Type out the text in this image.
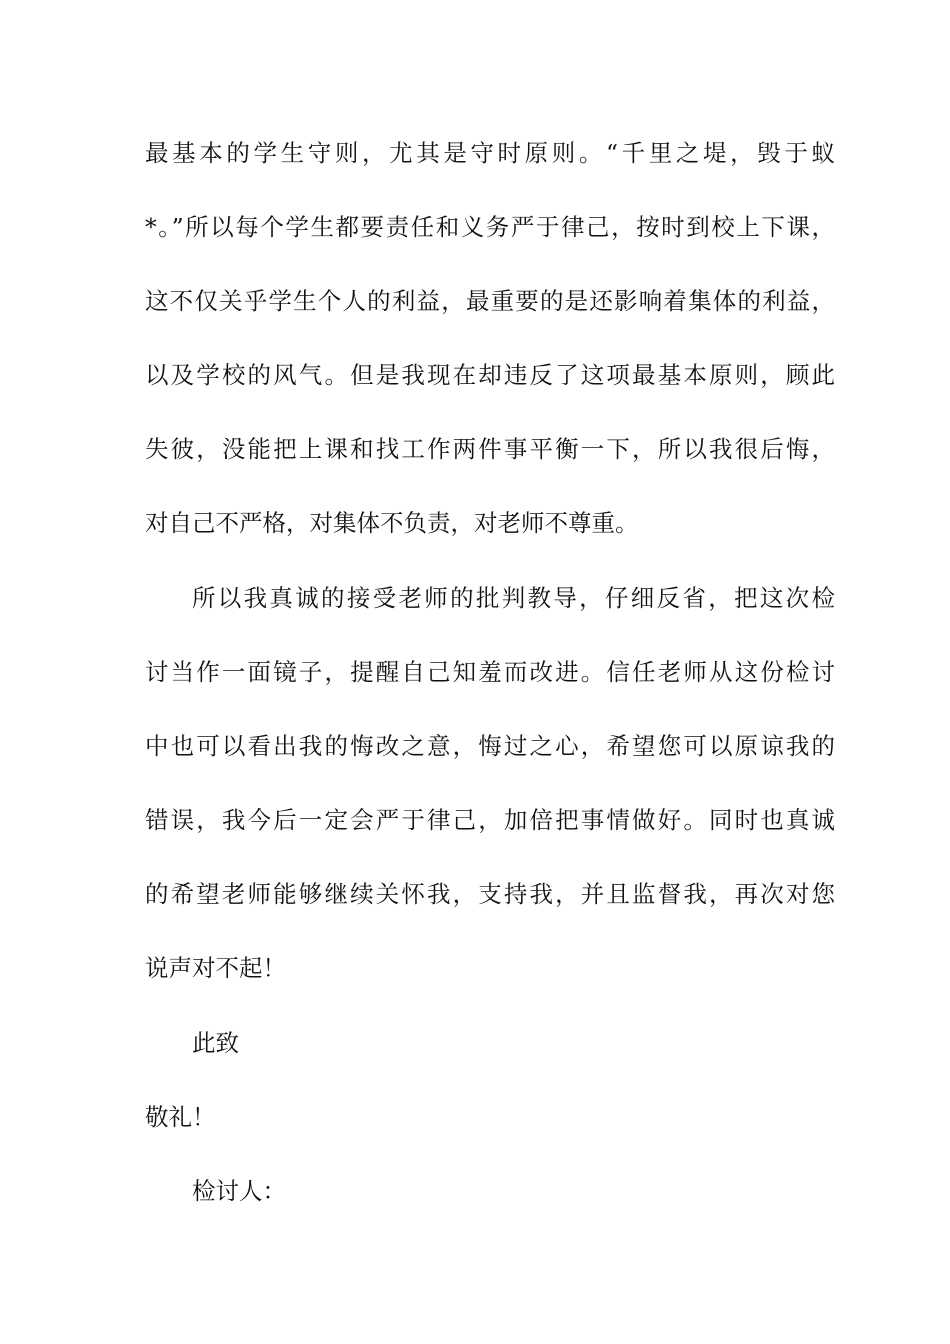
最基本的学生守则，尤其是守时原则。“千里之堤，毁于蚁
*。”所以每个学生都要责任和义务严于律己，按时到校上下课，
这不仅关乎学生个人的利益，最重要的是还影响着集体的利益，
以及学校的风气。但是我现在却违反了这项最基本原则，顾此
失彼，没能把上课和找工作两件事平衡一下，所以我很后悔，
对自己不严格，对集体不负责，对老师不尊重。
所以我真诚的接受老师的批判教导，仔细反省，把这次检
讨当作一面镜子，提醒自己知羞而改进。信任老师从这份检讨
中也可以看出我的悔改之意，悔过之心，希望您可以原谅我的
错误，我今后一定会严于律己，加倍把事情做好。同时也真诚
的希望老师能够继续关怀我，支持我，并且监督我，再次对您
说声对不起！
此致
敬礼！
检讨人：
